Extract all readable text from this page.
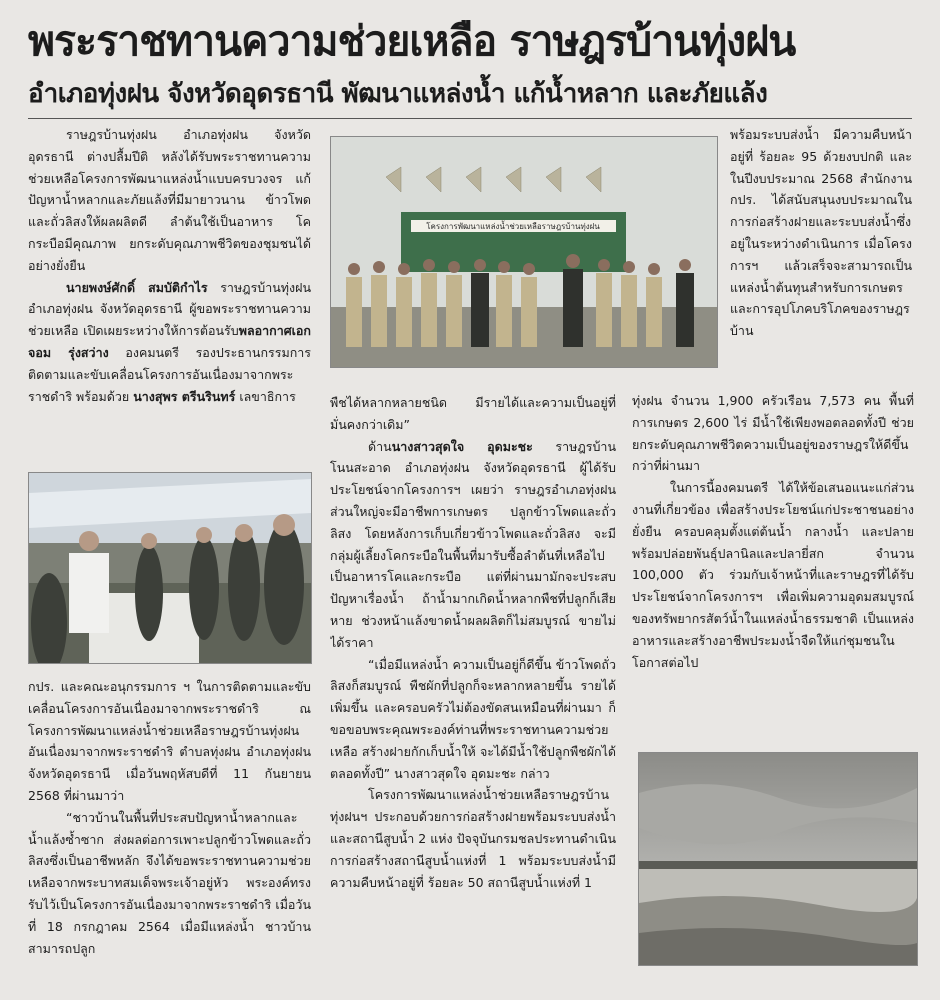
พระราชทานความช่วยเหลือ ราษฎรบ้านทุ่งฝน
อำเภอทุ่งฝน จังหวัดอุดรธานี พัฒนาแหล่งน้ำ แก้น้ำหลาก และภัยแล้ง

ราษฎรบ้านทุ่งฝน อำเภอทุ่งฝน จังหวัดอุดรธานี ต่างปลื้มปีติ หลังได้รับพระราชทานความช่วยเหลือโครงการพัฒนาแหล่งน้ำแบบครบวงจร แก้ปัญหาน้ำหลากและภัยแล้งที่มีมายาวนาน ข้าวโพดและถั่วลิสงให้ผลผลิตดี ลำต้นใช้เป็นอาหาร โค กระบือมีคุณภาพ ยกระดับคุณภาพชีวิตของชุมชนได้อย่างยั่งยืน

นายพงษ์ศักดิ์ สมบัติกำไร ราษฎรบ้านทุ่งฝน อำเภอทุ่งฝน จังหวัดอุดรธานี ผู้ขอพระราชทานความช่วยเหลือ เปิดเผยระหว่างให้การต้อนรับพลอากาศเอก จอม รุ่งสว่าง องคมนตรี รองประธานกรรมการติดตามและขับเคลื่อนโครงการอันเนื่องมาจากพระราชดำริ พร้อมด้วย นางสุพร ตรีนรินทร์ เลขาธิการ

กปร. และคณะอนุกรรมการ ฯ ในการติดตามและขับเคลื่อนโครงการอันเนื่องมาจากพระราชดำริ ณ โครงการพัฒนาแหล่งน้ำช่วยเหลือราษฎรบ้านทุ่งฝนอันเนื่องมาจากพระราชดำริ ตำบลทุ่งฝน อำเภอทุ่งฝน จังหวัดอุดรธานี เมื่อวันพฤหัสบดีที่ 11 กันยายน 2568 ที่ผ่านมาว่า

“ชาวบ้านในพื้นที่ประสบปัญหาน้ำหลากและน้ำแล้งซ้ำซาก ส่งผลต่อการเพาะปลูกข้าวโพดและถั่วลิสงซึ่งเป็นอาชีพหลัก จึงได้ขอพระราชทานความช่วยเหลือจากพระบาทสมเด็จพระเจ้าอยู่หัว พระองค์ทรงรับไว้เป็นโครงการอันเนื่องมาจากพระราชดำริ เมื่อวันที่ 18 กรกฎาคม 2564 เมื่อมีแหล่งน้ำ ชาวบ้านสามารถปลูก

โครงการพัฒนาแหล่งน้ำช่วยเหลือราษฎรบ้านทุ่งฝน

พืชได้หลากหลายชนิด มีรายได้และความเป็นอยู่ที่มั่นคงกว่าเดิม”

ด้านนางสาวสุดใจ อุดมะชะ ราษฎรบ้านโนนสะอาด อำเภอทุ่งฝน จังหวัดอุดรธานี ผู้ได้รับประโยชน์จากโครงการฯ เผยว่า ราษฎรอำเภอทุ่งฝนส่วนใหญ่จะมีอาชีพการเกษตร ปลูกข้าวโพดและถั่วลิสง โดยหลังการเก็บเกี่ยวข้าวโพดและถั่วลิสง จะมีกลุ่มผู้เลี้ยงโคกระบือในพื้นที่มารับซื้อลำต้นที่เหลือไปเป็นอาหารโคและกระบือ แต่ที่ผ่านมามักจะประสบปัญหาเรื่องน้ำ ถ้าน้ำมากเกิดน้ำหลากพืชที่ปลูกก็เสียหาย ช่วงหน้าแล้งขาดน้ำผลผลิตก็ไม่สมบูรณ์ ขายไม่ได้ราคา

“เมื่อมีแหล่งน้ำ ความเป็นอยู่ก็ดีขึ้น ข้าวโพดถั่วลิสงก็สมบูรณ์ พืชผักที่ปลูกก็จะหลากหลายขึ้น รายได้เพิ่มขึ้น และครอบครัวไม่ต้องขัดสนเหมือนที่ผ่านมา ก็ขอขอบพระคุณพระองค์ท่านที่พระราชทานความช่วยเหลือ สร้างฝายกักเก็บน้ำให้ จะได้มีน้ำใช้ปลูกพืชผักได้ตลอดทั้งปี” นางสาวสุดใจ อุดมะชะ กล่าว

โครงการพัฒนาแหล่งน้ำช่วยเหลือราษฎรบ้านทุ่งฝนฯ ประกอบด้วยการก่อสร้างฝายพร้อมระบบส่งน้ำ และสถานีสูบน้ำ 2 แห่ง ปัจจุบันกรมชลประทานดำเนินการก่อสร้างสถานีสูบน้ำแห่งที่ 1 พร้อมระบบส่งน้ำมีความคืบหน้าอยู่ที่ ร้อยละ 50 สถานีสูบน้ำแห่งที่ 1

พร้อมระบบส่งน้ำ มีความคืบหน้าอยู่ที่ ร้อยละ 95 ด้วยงบปกติ และในปีงบประมาณ 2568 สำนักงาน กปร. ได้สนับสนุนงบประมาณในการก่อสร้างฝายและระบบส่งน้ำซึ่งอยู่ในระหว่างดำเนินการ เมื่อโครงการฯ แล้วเสร็จจะสามารถเป็นแหล่งน้ำต้นทุนสำหรับการเกษตรและการอุปโภคบริโภคของราษฎรบ้าน

ทุ่งฝน จำนวน 1,900 ครัวเรือน 7,573 คน พื้นที่การเกษตร 2,600 ไร่ มีน้ำใช้เพียงพอตลอดทั้งปี ช่วยยกระดับคุณภาพชีวิตความเป็นอยู่ของราษฎรให้ดีขึ้นกว่าที่ผ่านมา

ในการนี้องคมนตรี ได้ให้ข้อเสนอแนะแก่ส่วนงานที่เกี่ยวข้อง เพื่อสร้างประโยชน์แก่ประชาชนอย่างยั่งยืน ครอบคลุมตั้งแต่ต้นน้ำ กลางน้ำ และปลาย พร้อมปล่อยพันธุ์ปลานิลและปลายี่สก จำนวน 100,000 ตัว ร่วมกับเจ้าหน้าที่และราษฎรที่ได้รับประโยชน์จากโครงการฯ เพื่อเพิ่มความอุดมสมบูรณ์ของทรัพยากรสัตว์น้ำในแหล่งน้ำธรรมชาติ เป็นแหล่งอาหารและสร้างอาชีพประมงน้ำจืดให้แก่ชุมชนในโอกาสต่อไป
